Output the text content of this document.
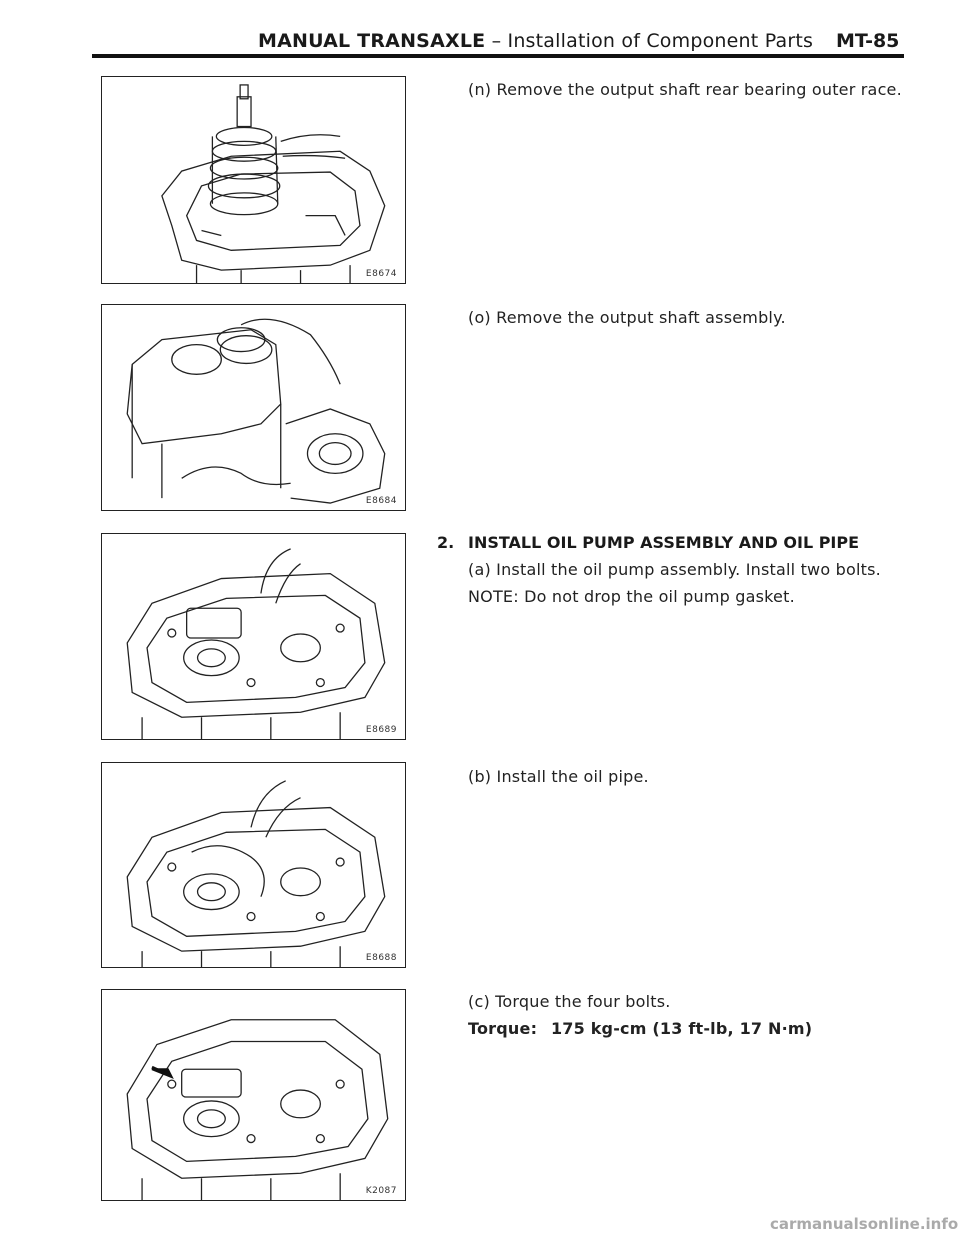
MANUAL TRANSAXLE – Installation of Component Parts MT-85
E8674
E8684
E8689
E8688
K2087
(n) Remove the output shaft rear bearing outer race.
(o) Remove the output shaft assembly.
2. INSTALL OIL PUMP ASSEMBLY AND OIL PIPE
(a) Install the oil pump assembly. Install two bolts.
NOTE: Do not drop the oil pump gasket.
(b) Install the oil pipe.
(c) Torque the four bolts.
Torque: 175 kg-cm (13 ft-lb, 17 N·m)
carmanualsonline.info
